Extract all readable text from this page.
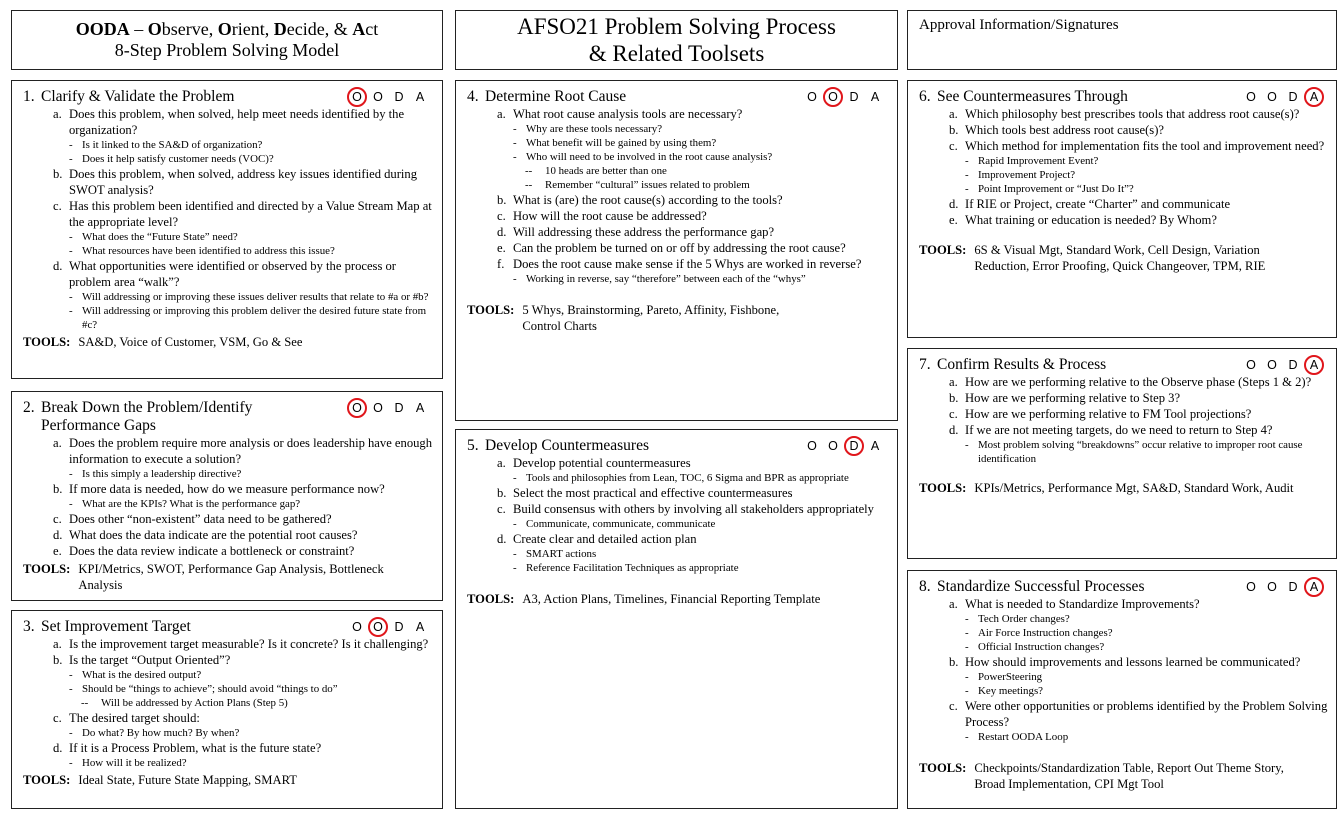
OODA – Observe, Orient, Decide, & Act
8-Step Problem Solving Model
AFSO21 Problem Solving Process
& Related Toolsets
Approval Information/Signatures
O O D A
1. Clarify & Validate the Problem
a. Does this problem, when solved, help meet needs identified by the organization?
- Is it linked to the SA&D of organization?
- Does it help satisfy customer needs (VOC)?
b. Does this problem, when solved, address key issues identified during SWOT analysis?
c. Has this problem been identified and directed by a Value Stream Map at the appropriate level?
- What does the “Future State” need?
- What resources have been identified to address this issue?
d. What opportunities were identified or observed by the process or problem area “walk”?
- Will addressing or improving these issues deliver results that relate to #a or #b?
- Will addressing or improving this problem deliver the desired future state from #c?
TOOLS: SA&D, Voice of Customer, VSM, Go & See
O O D A
2. Break Down the Problem/Identify
Performance Gaps
a. Does the problem require more analysis or does leadership have enough information to execute a solution?
- Is this simply a leadership directive?
b. If more data is needed, how do we measure performance now?
- What are the KPIs? What is the performance gap?
c. Does other “non-existent” data need to be gathered?
d. What does the data indicate are the potential root causes?
e. Does the data review indicate a bottleneck or constraint?
TOOLS: KPI/Metrics, SWOT, Performance Gap Analysis, Bottleneck
Analysis
O O D A
3. Set Improvement Target
a. Is the improvement target measurable? Is it concrete? Is it challenging?
b. Is the target “Output Oriented”?
- What is the desired output?
- Should be “things to achieve”; should avoid “things to do”
-- Will be addressed by Action Plans (Step 5)
c. The desired target should:
- Do what? By how much? By when?
d. If it is a Process Problem, what is the future state?
- How will it be realized?
TOOLS: Ideal State, Future State Mapping, SMART
O O D A
4. Determine Root Cause
a. What root cause analysis tools are necessary?
- Why are these tools necessary?
- What benefit will be gained by using them?
- Who will need to be involved in the root cause analysis?
-- 10 heads are better than one
-- Remember “cultural” issues related to problem
b. What is (are) the root cause(s) according to the tools?
c. How will the root cause be addressed?
d. Will addressing these address the performance gap?
e. Can the problem be turned on or off by addressing the root cause?
f. Does the root cause make sense if the 5 Whys are worked in reverse?
- Working in reverse, say “therefore” between each of the “whys”
TOOLS: 5 Whys, Brainstorming, Pareto, Affinity, Fishbone,
Control Charts
O O D A
5. Develop Countermeasures
a. Develop potential countermeasures
- Tools and philosophies from Lean, TOC, 6 Sigma and BPR as appropriate
b. Select the most practical and effective countermeasures
c. Build consensus with others by involving all stakeholders appropriately
- Communicate, communicate, communicate
d. Create clear and detailed action plan
- SMART actions
- Reference Facilitation Techniques as appropriate
TOOLS: A3, Action Plans, Timelines, Financial Reporting Template
O O D A
6. See Countermeasures Through
a. Which philosophy best prescribes tools that address root cause(s)?
b. Which tools best address root cause(s)?
c. Which method for implementation fits the tool and improvement need?
- Rapid Improvement Event?
- Improvement Project?
- Point Improvement or “Just Do It”?
d. If RIE or Project, create “Charter” and communicate
e. What training or education is needed? By Whom?
TOOLS: 6S & Visual Mgt, Standard Work, Cell Design, Variation
Reduction, Error Proofing, Quick Changeover, TPM, RIE
O O D A
7. Confirm Results & Process
a. How are we performing relative to the Observe phase (Steps 1 & 2)?
b. How are we performing relative to Step 3?
c. How are we performing relative to FM Tool projections?
d. If we are not meeting targets, do we need to return to Step 4?
- Most problem solving “breakdowns” occur relative to improper root cause identification
TOOLS: KPIs/Metrics, Performance Mgt, SA&D, Standard Work, Audit
O O D A
8. Standardize Successful Processes
a. What is needed to Standardize Improvements?
- Tech Order changes?
- Air Force Instruction changes?
- Official Instruction changes?
b. How should improvements and lessons learned be communicated?
- PowerSteering
- Key meetings?
c. Were other opportunities or problems identified by the Problem Solving Process?
- Restart OODA Loop
TOOLS: Checkpoints/Standardization Table, Report Out Theme Story,
Broad Implementation, CPI Mgt Tool
